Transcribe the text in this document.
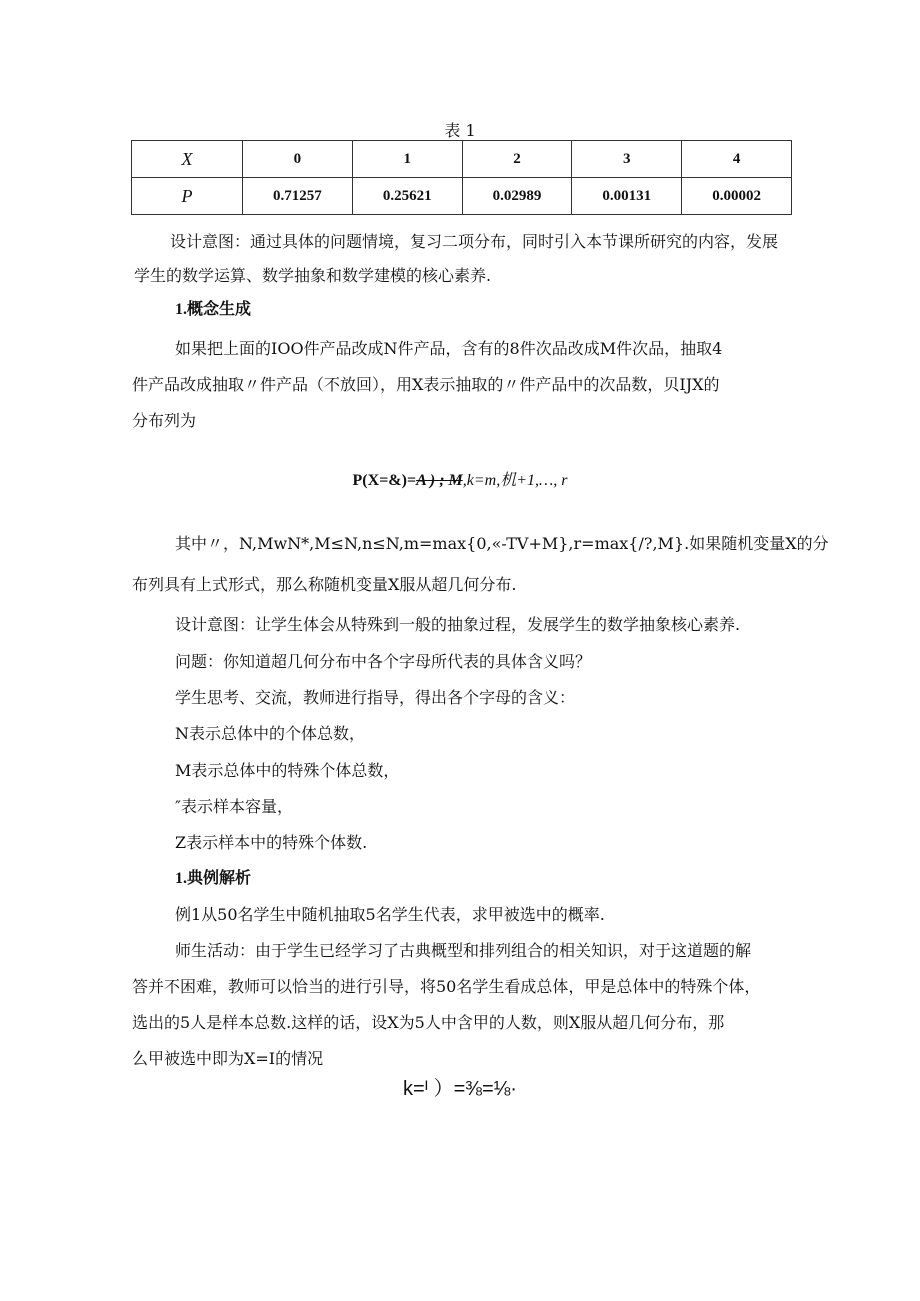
表 1
X	0	1	2	3	4
P	0.71257	0.25621	0.02989	0.00131	0.00002
设计意图：通过具体的问题情境，复习二项分布，同时引入本节课所研究的内容，发展
学生的数学运算、数学抽象和数学建模的核心素养.
1.概念生成
如果把上面的IOO件产品改成N件产品，含有的8件次品改成M件次品，抽取4
件产品改成抽取〃件产品（不放回），用X表示抽取的〃件产品中的次品数，贝IJX的
分布列为
P(X=&)=A ) ; M,k=m,机+1,…, r
其中〃，N,MwN*,M≤N,n≤N,m=max{0,«-TV+M},r=max{/?,M}.如果随机变量X的分
布列具有上式形式，那么称随机变量X服从超几何分布.
设计意图：让学生体会从特殊到一般的抽象过程，发展学生的数学抽象核心素养.
问题：你知道超几何分布中各个字母所代表的具体含义吗？
学生思考、交流，教师进行指导，得出各个字母的含义：
N表示总体中的个体总数，
M表示总体中的特殊个体总数，
″表示样本容量，
Z表示样本中的特殊个体数.
1.典例解析
例1从50名学生中随机抽取5名学生代表，求甲被选中的概率.
师生活动：由于学生已经学习了古典概型和排列组合的相关知识，对于这道题的解
答并不困难，教师可以恰当的进行引导，将50名学生看成总体，甲是总体中的特殊个体，
选出的5人是样本总数.这样的话，设X为5人中含甲的人数，则X服从超几何分布，那
么甲被选中即为X=I的情况
k=ᴵ ）=⅜=⅛·
